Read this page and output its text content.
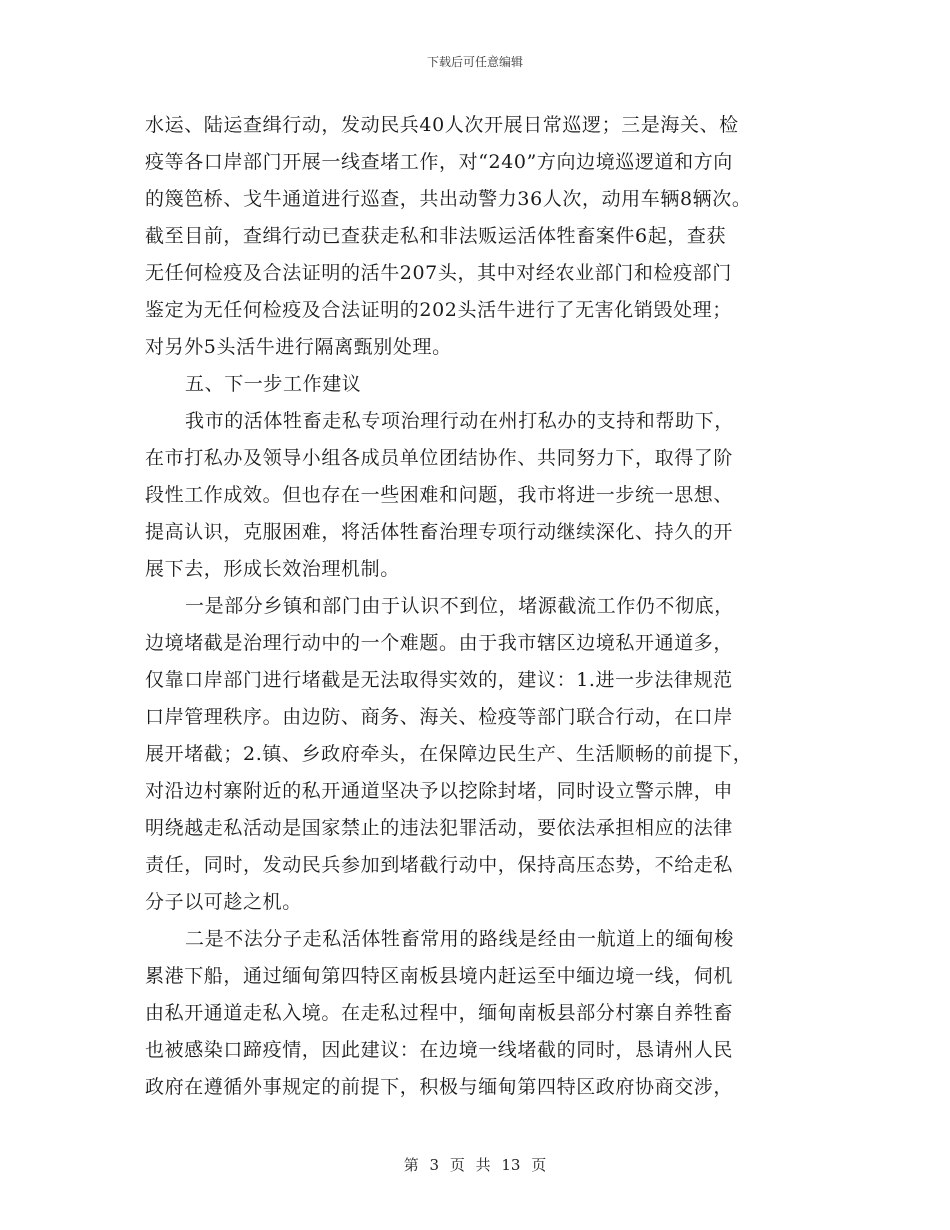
下载后可任意编辑
水运、陆运查缉行动，发动民兵40人次开展日常巡逻；三是海关、检
疫等各口岸部门开展一线查堵工作，对“240”方向边境巡逻道和方向
的篾笆桥、戈牛通道进行巡查，共出动警力36人次，动用车辆8辆次。
截至目前，查缉行动已查获走私和非法贩运活体牲畜案件6起，查获
无任何检疫及合法证明的活牛207头，其中对经农业部门和检疫部门
鉴定为无任何检疫及合法证明的202头活牛进行了无害化销毁处理；
对另外5头活牛进行隔离甄别处理。
五、下一步工作建议
我市的活体牲畜走私专项治理行动在州打私办的支持和帮助下，
在市打私办及领导小组各成员单位团结协作、共同努力下，取得了阶
段性工作成效。但也存在一些困难和问题，我市将进一步统一思想、
提高认识，克服困难，将活体牲畜治理专项行动继续深化、持久的开
展下去，形成长效治理机制。
一是部分乡镇和部门由于认识不到位，堵源截流工作仍不彻底，
边境堵截是治理行动中的一个难题。由于我市辖区边境私开通道多，
仅靠口岸部门进行堵截是无法取得实效的，建议：1.进一步法律规范
口岸管理秩序。由边防、商务、海关、检疫等部门联合行动，在口岸
展开堵截；2.镇、乡政府牵头，在保障边民生产、生活顺畅的前提下，
对沿边村寨附近的私开通道坚决予以挖除封堵，同时设立警示牌，申
明绕越走私活动是国家禁止的违法犯罪活动，要依法承担相应的法律
责任，同时，发动民兵参加到堵截行动中，保持高压态势，不给走私
分子以可趁之机。
二是不法分子走私活体牲畜常用的路线是经由一航道上的缅甸梭
累港下船，通过缅甸第四特区南板县境内赶运至中缅边境一线，伺机
由私开通道走私入境。在走私过程中，缅甸南板县部分村寨自养牲畜
也被感染口蹄疫情，因此建议：在边境一线堵截的同时，恳请州人民
政府在遵循外事规定的前提下，积极与缅甸第四特区政府协商交涉，
第 3 页 共 13 页
